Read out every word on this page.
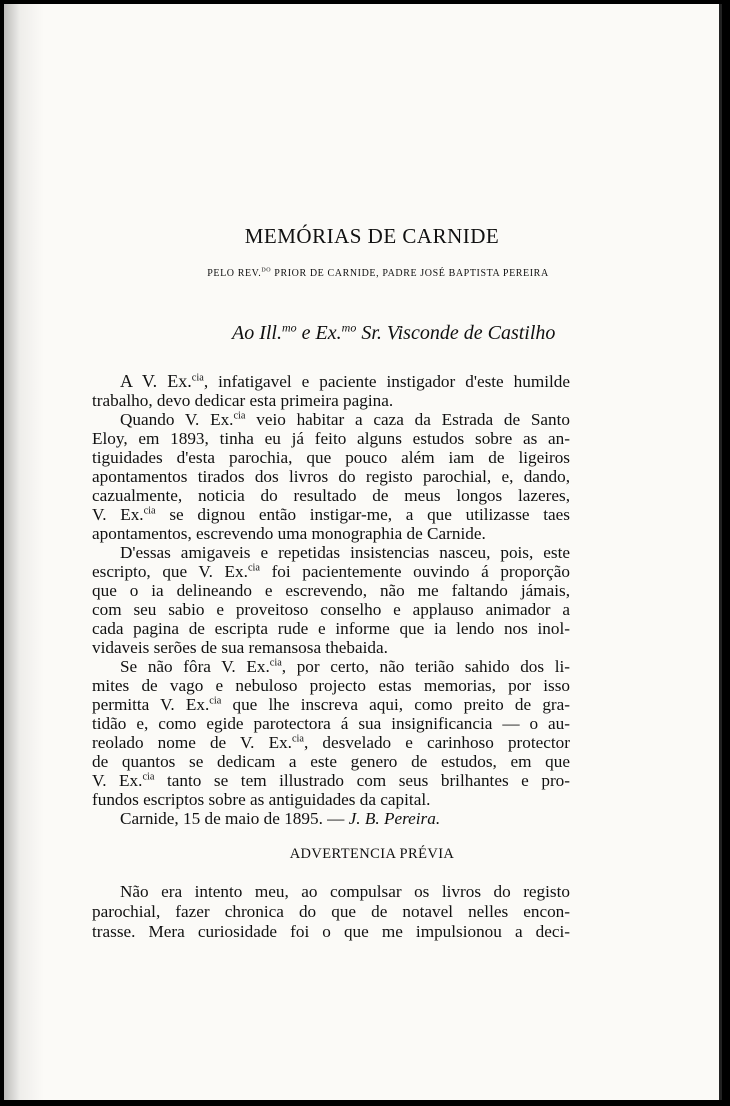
MEMÓRIAS DE CARNIDE
PELO REV.$^{DO}$ PRIOR DE CARNIDE, PADRE JOSÉ BAPTISTA PEREIRA
Ao Ill.$^{mo}$ e Ex.$^{mo}$ Sr. Visconde de Castilho
A V. Ex.$^{cia}$, infatigavel e paciente instigador d'este humilde
trabalho, devo dedicar esta primeira pagina.
Quando V. Ex.$^{cia}$ veio habitar a caza da Estrada de Santo
Eloy, em 1893, tinha eu já feito alguns estudos sobre as an-
tiguidades d'esta parochia, que pouco além iam de ligeiros
apontamentos tirados dos livros do registo parochial, e, dando,
cazualmente, noticia do resultado de meus longos lazeres,
V. Ex.$^{cia}$ se dignou então instigar-me, a que utilizasse taes
apontamentos, escrevendo uma monographia de Carnide.
D'essas amigaveis e repetidas insistencias nasceu, pois, este
escripto, que V. Ex.$^{cia}$ foi pacientemente ouvindo á proporção
que o ia delineando e escrevendo, não me faltando jámais,
com seu sabio e proveitoso conselho e applauso animador a
cada pagina de escripta rude e informe que ia lendo nos inol-
vidaveis serões de sua remansosa thebaida.
Se não fôra V. Ex.$^{cia}$, por certo, não terião sahido dos li-
mites de vago e nebuloso projecto estas memorias, por isso
permitta V. Ex.$^{cia}$ que lhe inscreva aqui, como preito de gra-
tidão e, como egide parotectora á sua insignificancia — o au-
reolado nome de V. Ex.$^{cia}$, desvelado e carinhoso protector
de quantos se dedicam a este genero de estudos, em que
V. Ex.$^{cia}$ tanto se tem illustrado com seus brilhantes e pro-
fundos escriptos sobre as antiguidades da capital.
Carnide, 15 de maio de 1895. — J. B. Pereira.
ADVERTENCIA PRÉVIA
Não era intento meu, ao compulsar os livros do registo
parochial, fazer chronica do que de notavel nelles encon-
trasse. Mera curiosidade foi o que me impulsionou a deci-
